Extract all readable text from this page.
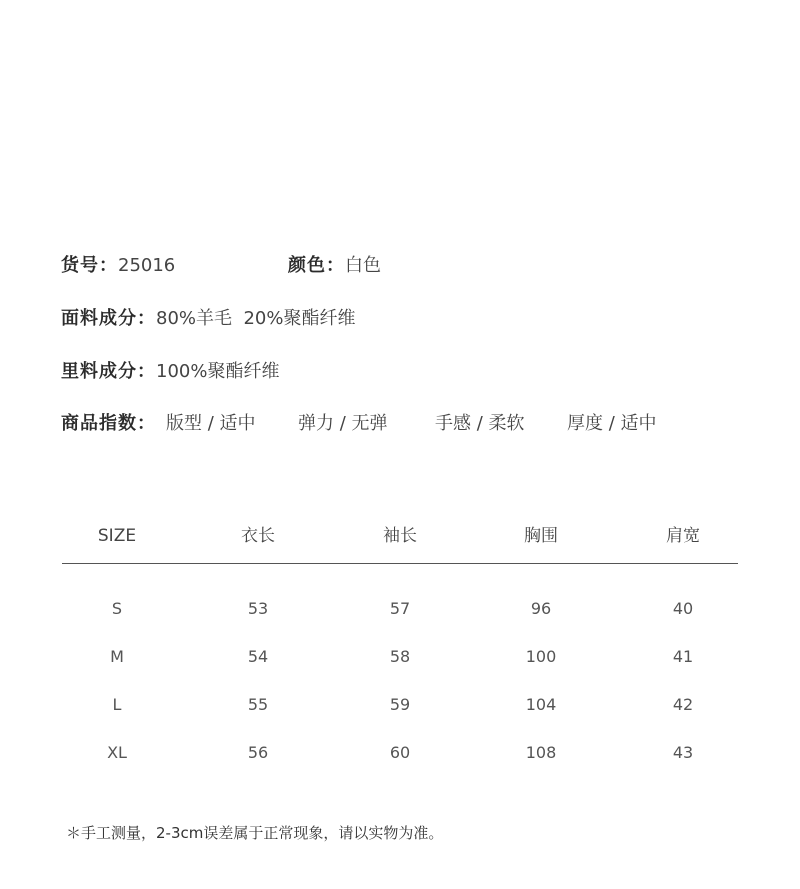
货号：25016	颜色：白色
面料成分：80%羊毛  20%聚酯纤维
里料成分：100%聚酯纤维
商品指数： 版型 / 适中 弹力 / 无弹	手感 / 柔软 厚度 / 适中
SIZE	衣长	袖长	胸围	肩宽
S	53	57	96	40
M	54	58	100	41
L	55	59	104	42
XL	56	60	108	43
＊手工测量，2-3cm误差属于正常现象，请以实物为准。
